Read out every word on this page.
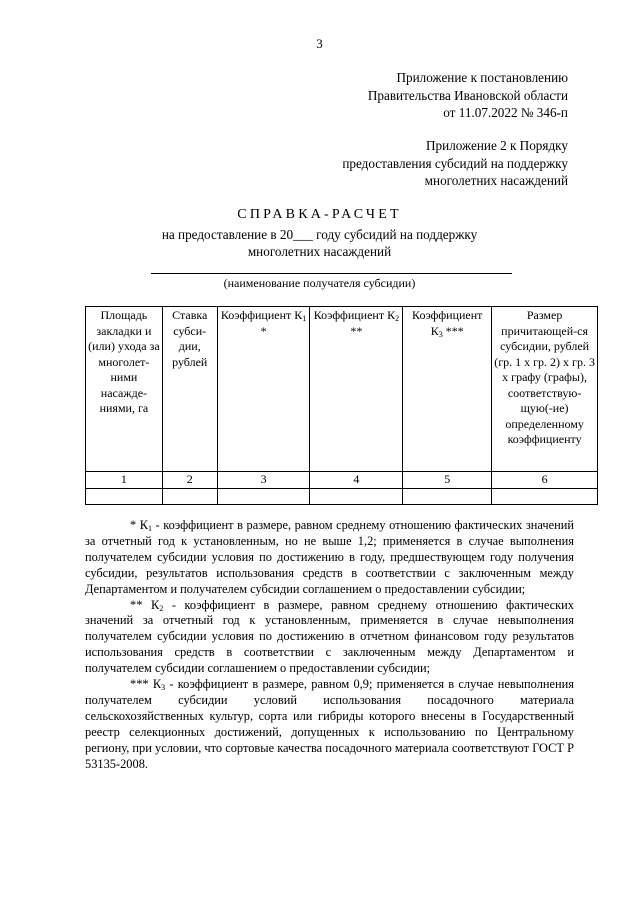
3
Приложение к постановлению
Правительства Ивановской области
от 11.07.2022 № 346-п
Приложение 2 к Порядку
предоставления субсидий на поддержку
многолетних насаждений
СПРАВКА-РАСЧЕТ
на предоставление в 20___ году субсидий на поддержку
многолетних насаждений
(наименование получателя субсидии)
Площадь закладки и (или) ухода за многолет-ними насажде-ниями, га	Ставка субси-дии, рублей	Коэффициент $К_1$ *	Коэффициент $К_2$ **	Коэффициент $К_3$ ***	Размер причитающей-ся субсидии, рублей (гр. 1 х гр. 2) х гр. 3 х графу (графы), соответствую-щую(-ие) определенному коэффициенту
1	2	3	4	5	6

* $К_1$ - коэффициент в размере, равном среднему отношению фактических значений за отчетный год к установленным, но не выше 1,2; применяется в случае выполнения получателем субсидии условия по достижению в году, предшествующем году получения субсидии, результатов использования средств в соответствии с заключенным между Департаментом и получателем субсидии соглашением о предоставлении субсидии;

** $К_2$ - коэффициент в размере, равном среднему отношению фактических значений за отчетный год к установленным, применяется в случае невыполнения получателем субсидии условия по достижению в отчетном финансовом году результатов использования средств в соответствии с заключенным между Департаментом и получателем субсидии соглашением о предоставлении субсидии;

*** $К_3$ - коэффициент в размере, равном 0,9; применяется в случае невыполнения получателем субсидии условий использования посадочного материала сельскохозяйственных культур, сорта или гибриды которого внесены в Государственный реестр селекционных достижений, допущенных к использованию по Центральному региону, при условии, что сортовые качества посадочного материала соответствуют ГОСТ Р 53135-2008.
